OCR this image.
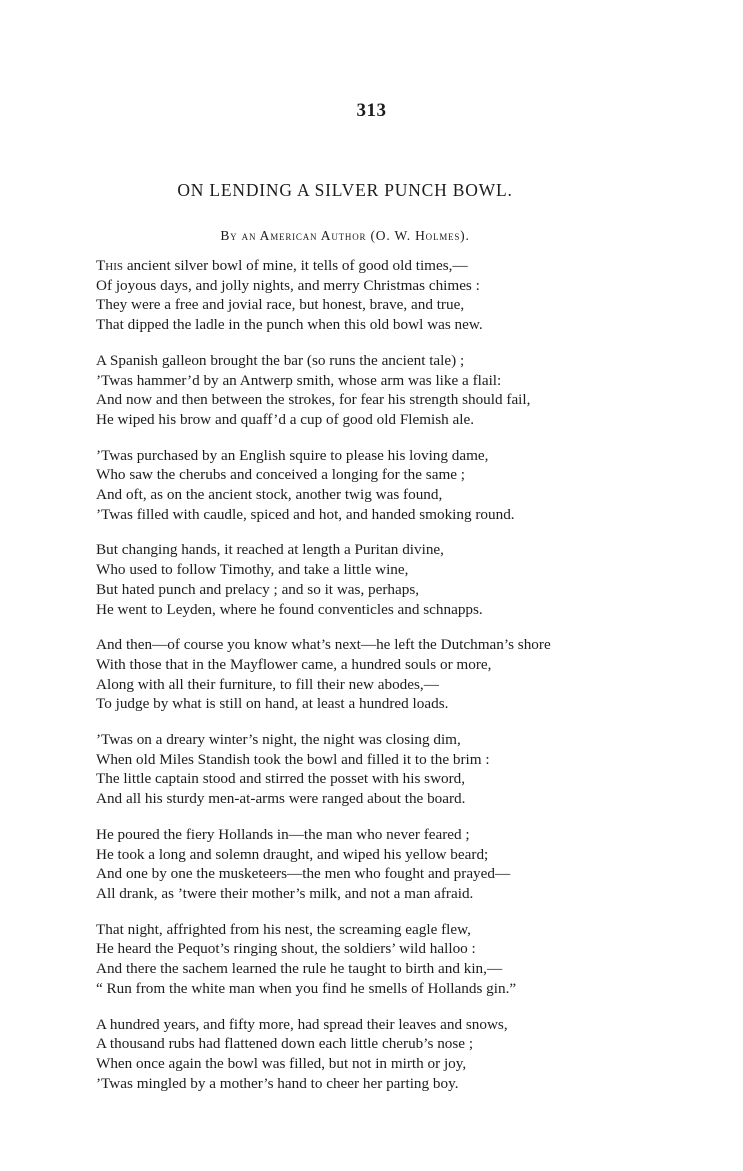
313
ON LENDING A SILVER PUNCH BOWL.
By an American Author (O. W. Holmes).
This ancient silver bowl of mine, it tells of good old times,—
Of joyous days, and jolly nights, and merry Christmas chimes :
They were a free and jovial race, but honest, brave, and true,
That dipped the ladle in the punch when this old bowl was new.
A Spanish galleon brought the bar (so runs the ancient tale) ;
’Twas hammer’d by an Antwerp smith, whose arm was like a flail:
And now and then between the strokes, for fear his strength should fail,
He wiped his brow and quaff’d a cup of good old Flemish ale.
’Twas purchased by an English squire to please his loving dame,
Who saw the cherubs and conceived a longing for the same ;
And oft, as on the ancient stock, another twig was found,
’Twas filled with caudle, spiced and hot, and handed smoking round.
But changing hands, it reached at length a Puritan divine,
Who used to follow Timothy, and take a little wine,
But hated punch and prelacy ; and so it was, perhaps,
He went to Leyden, where he found conventicles and schnapps.
And then—of course you know what’s next—he left the Dutchman’s shore
With those that in the Mayflower came, a hundred souls or more,
Along with all their furniture, to fill their new abodes,—
To judge by what is still on hand, at least a hundred loads.
’Twas on a dreary winter’s night, the night was closing dim,
When old Miles Standish took the bowl and filled it to the brim :
The little captain stood and stirred the posset with his sword,
And all his sturdy men-at-arms were ranged about the board.
He poured the fiery Hollands in—the man who never feared ;
He took a long and solemn draught, and wiped his yellow beard;
And one by one the musketeers—the men who fought and prayed—
All drank, as ’twere their mother’s milk, and not a man afraid.
That night, affrighted from his nest, the screaming eagle flew,
He heard the Pequot’s ringing shout, the soldiers’ wild halloo :
And there the sachem learned the rule he taught to birth and kin,—
“ Run from the white man when you find he smells of Hollands gin.”
A hundred years, and fifty more, had spread their leaves and snows,
A thousand rubs had flattened down each little cherub’s nose ;
When once again the bowl was filled, but not in mirth or joy,
’Twas mingled by a mother’s hand to cheer her parting boy.
